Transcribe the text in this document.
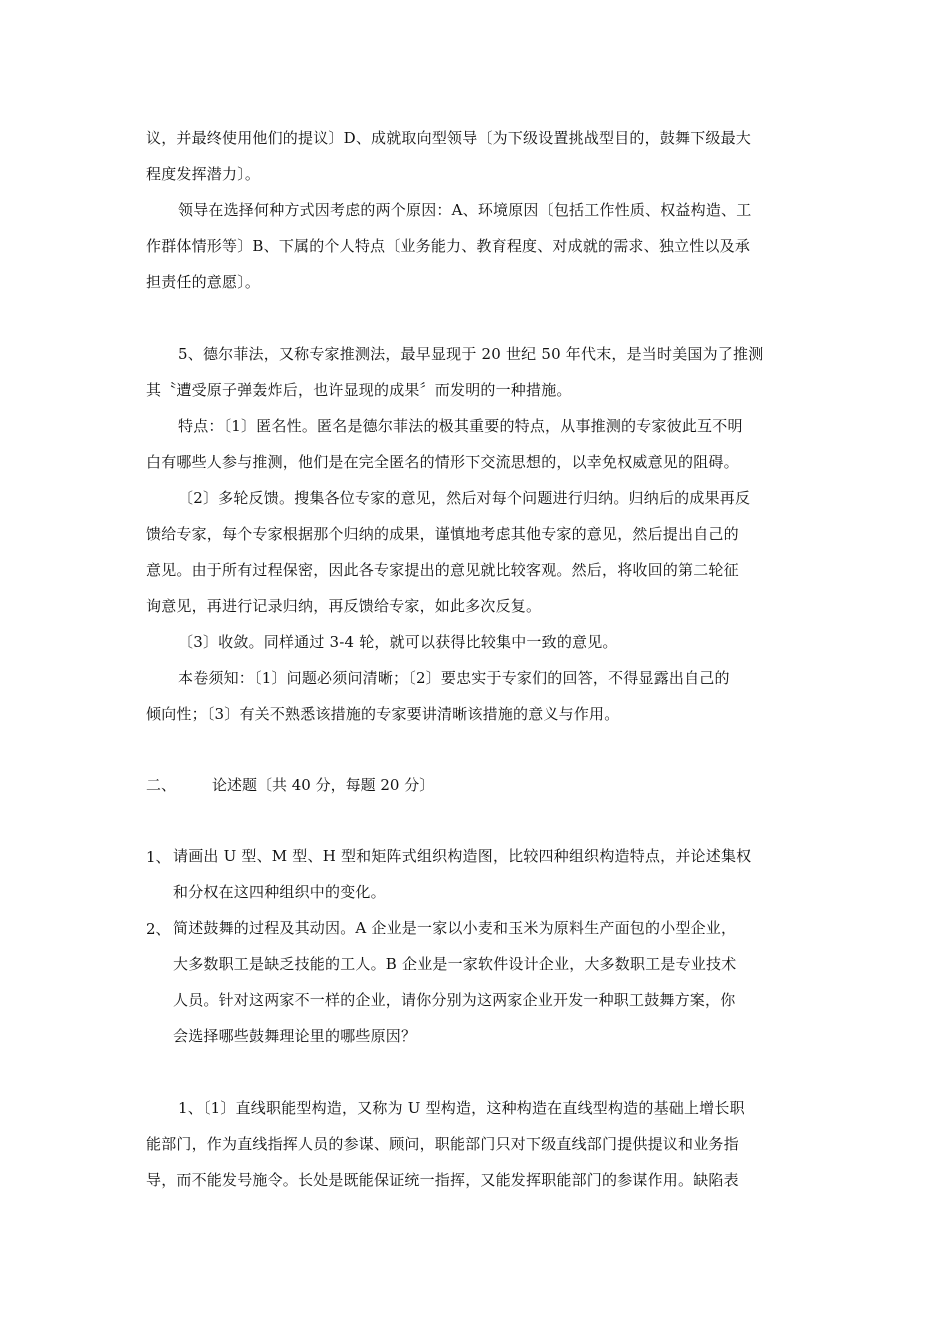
议，并最终使用他们的提议〕D、成就取向型领导〔为下级设置挑战型目的，鼓舞下级最大
程度发挥潜力〕。
领导在选择何种方式因考虑的两个原因：A、环境原因〔包括工作性质、权益构造、工
作群体情形等〕B、下属的个人特点〔业务能力、教育程度、对成就的需求、独立性以及承
担责任的意愿〕。
5、德尔菲法，又称专家推测法，最早显现于 20 世纪 50 年代末，是当时美国为了推测
其〝遭受原子弹轰炸后，也许显现的成果〞而发明的一种措施。
特点：〔1〕匿名性。匿名是德尔菲法的极其重要的特点，从事推测的专家彼此互不明
白有哪些人参与推测，他们是在完全匿名的情形下交流思想的，以幸免权威意见的阻碍。
〔2〕多轮反馈。搜集各位专家的意见，然后对每个问题进行归纳。归纳后的成果再反
馈给专家，每个专家根据那个归纳的成果，谨慎地考虑其他专家的意见，然后提出自己的
意见。由于所有过程保密，因此各专家提出的意见就比较客观。然后，将收回的第二轮征
询意见，再进行记录归纳，再反馈给专家，如此多次反复。
〔3〕收敛。同样通过 3-4 轮，就可以获得比较集中一致的意见。
本卷须知：〔1〕问题必须问清晰；〔2〕要忠实于专家们的回答，不得显露出自己的
倾向性；〔3〕有关不熟悉该措施的专家要讲清晰该措施的意义与作用。
二、 论述题〔共 40 分，每题 20 分〕
1、 请画出 U 型、M 型、H 型和矩阵式组织构造图，比较四种组织构造特点，并论述集权
和分权在这四种组织中的变化。
2、 简述鼓舞的过程及其动因。A 企业是一家以小麦和玉米为原料生产面包的小型企业，
大多数职工是缺乏技能的工人。B 企业是一家软件设计企业，大多数职工是专业技术
人员。针对这两家不一样的企业，请你分别为这两家企业开发一种职工鼓舞方案，你
会选择哪些鼓舞理论里的哪些原因？
1、〔1〕直线职能型构造，又称为 U 型构造，这种构造在直线型构造的基础上增长职
能部门，作为直线指挥人员的参谋、顾问，职能部门只对下级直线部门提供提议和业务指
导，而不能发号施令。长处是既能保证统一指挥，又能发挥职能部门的参谋作用。缺陷表
